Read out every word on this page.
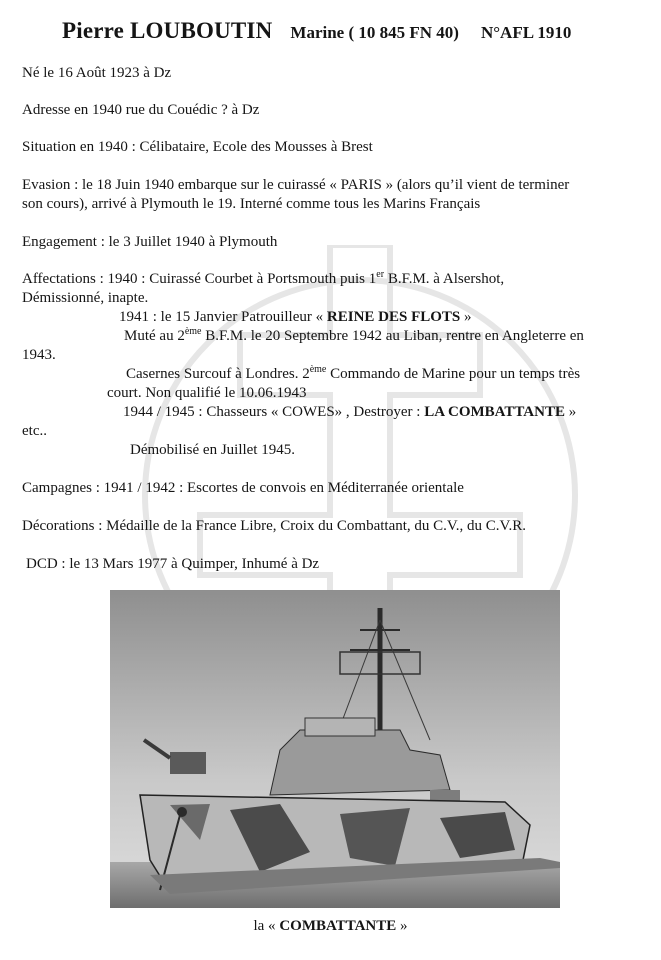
Pierre LOUBOUTIN Marine ( 10 845 FN 40) N°AFL 1910
Né le 16 Août 1923 à Dz
Adresse en 1940 rue du Couédic ? à Dz
Situation en 1940 : Célibataire, Ecole des Mousses à Brest
Evasion : le 18 Juin 1940 embarque sur le cuirassé « PARIS » (alors qu’il vient de terminer
son cours), arrivé à Plymouth le 19. Interné comme tous les Marins Français
Engagement : le 3 Juillet 1940 à Plymouth
Affectations : 1940 : Cuirassé Courbet à Portsmouth puis 1er B.F.M. à Alsershot,
Démissionné, inapte.
1941 : le 15 Janvier Patrouilleur « REINE DES FLOTS »
Muté au 2ème B.F.M. le 20 Septembre 1942 au Liban, rentre en Angleterre en
1943.
Casernes Surcouf à Londres. 2ème Commando de Marine pour un temps très
court. Non qualifié le 10.06.1943
1944 / 1945 : Chasseurs « COWES» , Destroyer : LA COMBATTANTE »
etc..
Démobilisé en Juillet 1945.
Campagnes : 1941 / 1942 : Escortes de convois en Méditerranée orientale
Décorations : Médaille de la France Libre, Croix du Combattant, du C.V., du C.V.R.
DCD : le 13 Mars 1977 à Quimper, Inhumé à Dz
la « COMBATTANTE »
